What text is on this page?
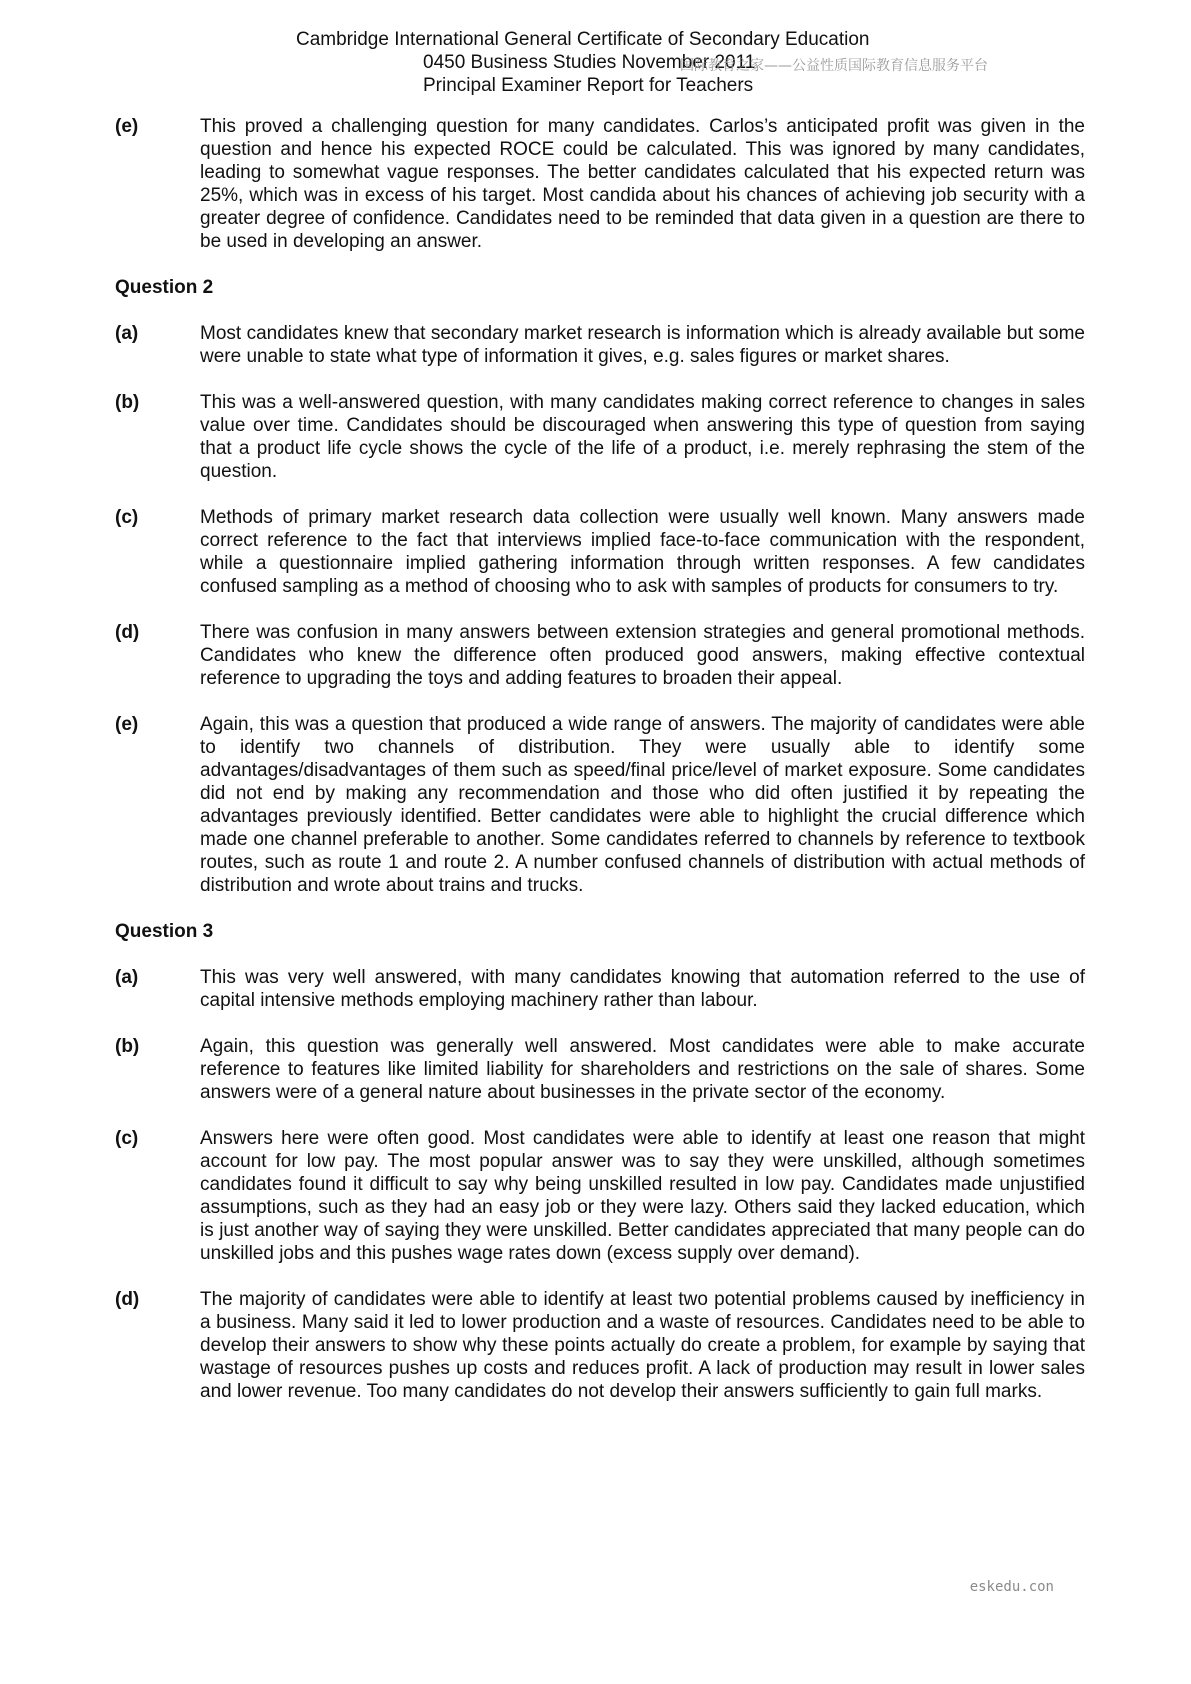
Cambridge International General Certificate of Secondary Education
0450 Business Studies November 2011
Principal Examiner Report for Teachers
国际教育之家——公益性质国际教育信息服务平台
(e)	This proved a challenging question for many candidates. Carlos’s anticipated profit was given in the question and hence his expected ROCE could be calculated. This was ignored by many candidates, leading to somewhat vague responses. The better candidates calculated that his expected return was 25%, which was in excess of his target. Most candida about his chances of achieving job security with a greater degree of confidence. Candidates need to be reminded that data given in a question are there to be used in developing an answer.
Question 2
(a)	Most candidates knew that secondary market research is information which is already available but some were unable to state what type of information it gives, e.g. sales figures or market shares.
(b)	This was a well-answered question, with many candidates making correct reference to changes in sales value over time. Candidates should be discouraged when answering this type of question from saying that a product life cycle shows the cycle of the life of a product, i.e. merely rephrasing the stem of the question.
(c)	Methods of primary market research data collection were usually well known. Many answers made correct reference to the fact that interviews implied face-to-face communication with the respondent, while a questionnaire implied gathering information through written responses. A few candidates confused sampling as a method of choosing who to ask with samples of products for consumers to try.
(d)	There was confusion in many answers between extension strategies and general promotional methods. Candidates who knew the difference often produced good answers, making effective contextual reference to upgrading the toys and adding features to broaden their appeal.
(e)	Again, this was a question that produced a wide range of answers. The majority of candidates were able to identify two channels of distribution. They were usually able to identify some advantages/disadvantages of them such as speed/final price/level of market exposure. Some candidates did not end by making any recommendation and those who did often justified it by repeating the advantages previously identified. Better candidates were able to highlight the crucial difference which made one channel preferable to another. Some candidates referred to channels by reference to textbook routes, such as route 1 and route 2. A number confused channels of distribution with actual methods of distribution and wrote about trains and trucks.
Question 3
(a)	This was very well answered, with many candidates knowing that automation referred to the use of capital intensive methods employing machinery rather than labour.
(b)	Again, this question was generally well answered. Most candidates were able to make accurate reference to features like limited liability for shareholders and restrictions on the sale of shares. Some answers were of a general nature about businesses in the private sector of the economy.
(c)	Answers here were often good. Most candidates were able to identify at least one reason that might account for low pay. The most popular answer was to say they were unskilled, although sometimes candidates found it difficult to say why being unskilled resulted in low pay. Candidates made unjustified assumptions, such as they had an easy job or they were lazy. Others said they lacked education, which is just another way of saying they were unskilled. Better candidates appreciated that many people can do unskilled jobs and this pushes wage rates down (excess supply over demand).
(d)	The majority of candidates were able to identify at least two potential problems caused by inefficiency in a business. Many said it led to lower production and a waste of resources. Candidates need to be able to develop their answers to show why these points actually do create a problem, for example by saying that wastage of resources pushes up costs and reduces profit. A lack of production may result in lower sales and lower revenue. Too many candidates do not develop their answers sufficiently to gain full marks.
eskedu.con
